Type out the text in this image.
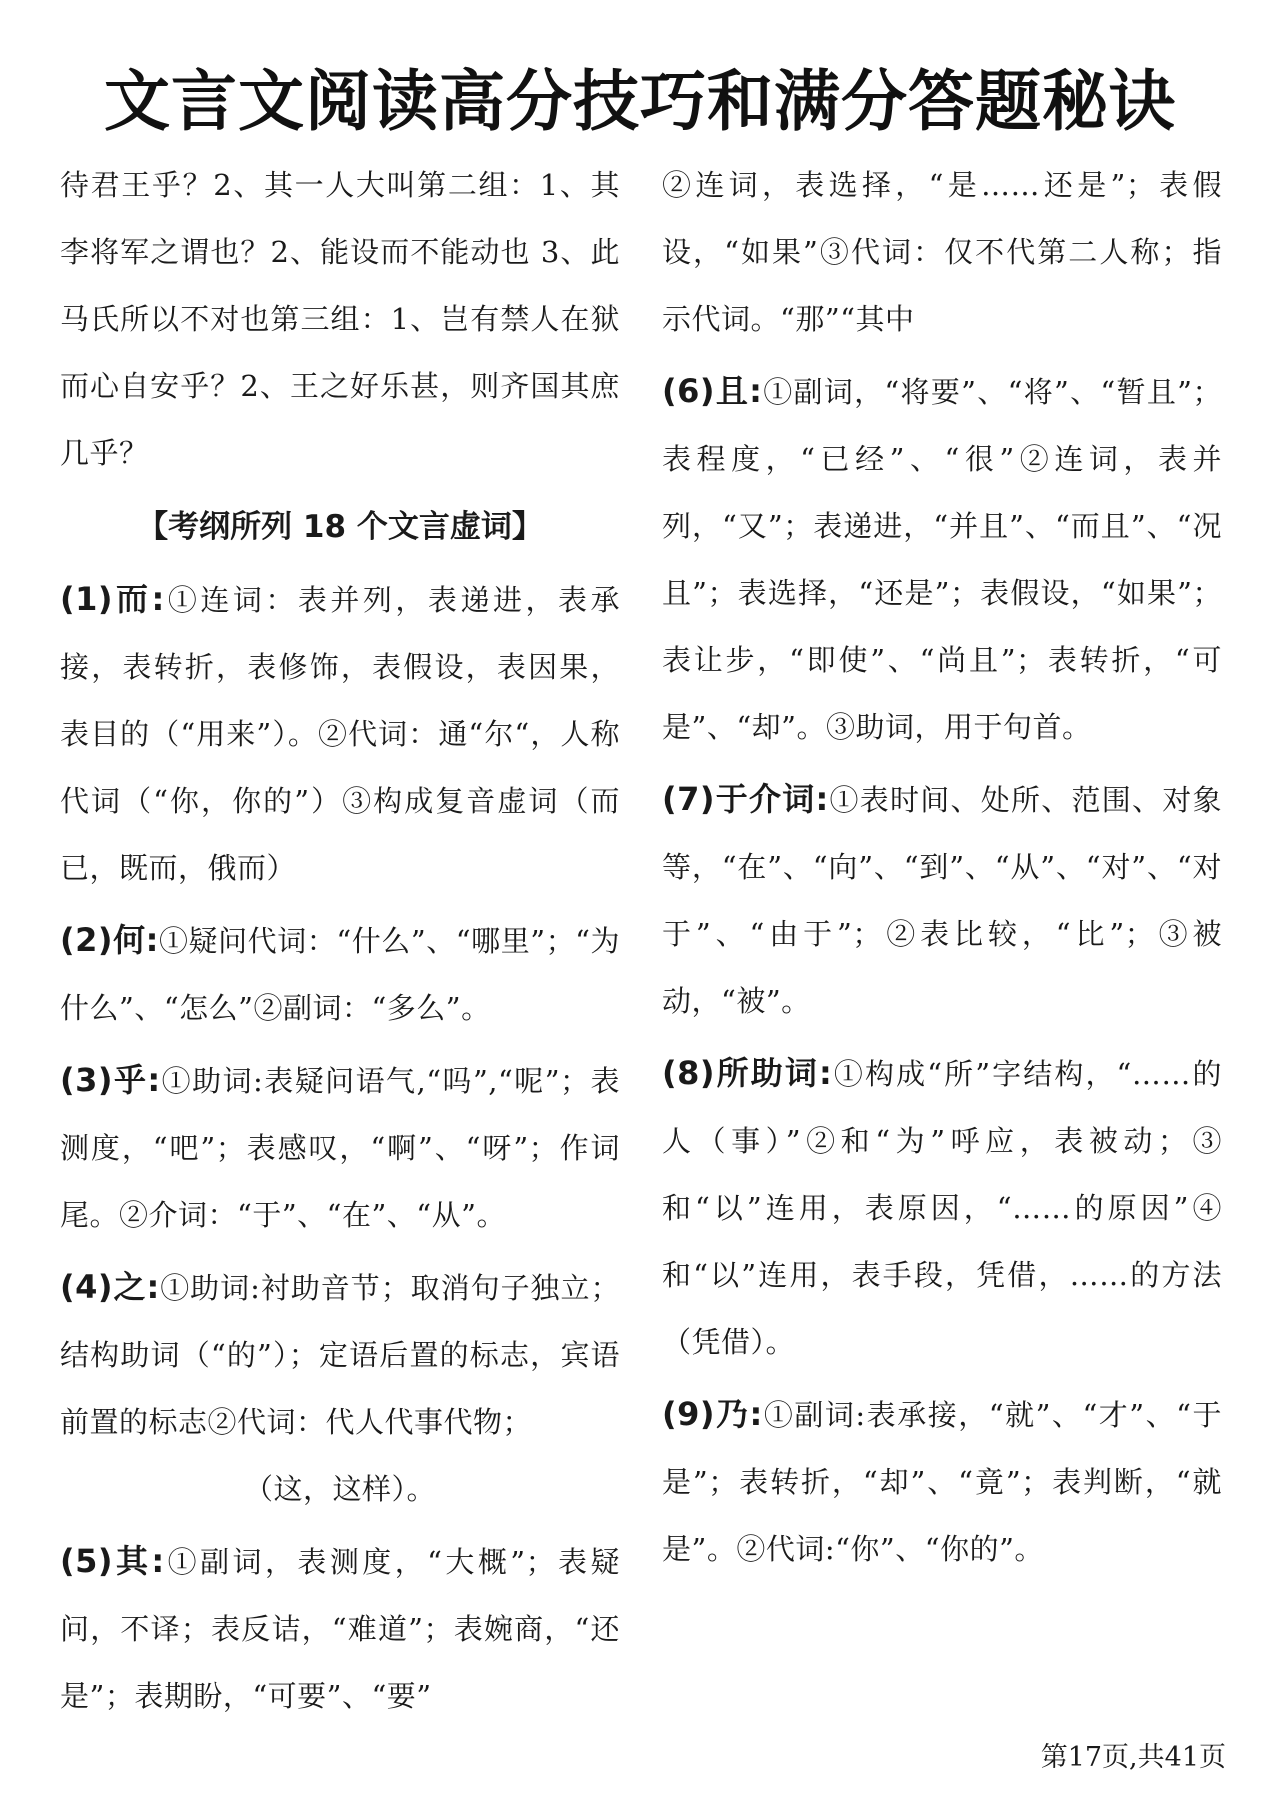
文言文阅读高分技巧和满分答题秘诀
待君王乎？2、其一人大叫第二组：1、其李将军之谓也？2、能设而不能动也 3、此马氏所以不对也第三组：1、岂有禁人在狱而心自安乎？2、王之好乐甚，则齐国其庶几乎？
【考纲所列 18 个文言虚词】
(1)而:①连词：表并列，表递进，表承接，表转折，表修饰，表假设，表因果，表目的（“用来”）。②代词：通“尔“，人称代词（“你，你的”）③构成复音虚词（而已，既而，俄而）
(2)何:①疑问代词：“什么”、“哪里”；“为什么”、“怎么”②副词：“多么”。
(3)乎:①助词:表疑问语气,“吗”,“呢”；表测度，“吧”；表感叹，“啊”、“呀”；作词尾。②介词：“于”、“在”、“从”。
(4)之:①助词:衬助音节；取消句子独立；结构助词（“的”）；定语后置的标志，宾语前置的标志②代词：代人代事代物；
（这，这样）。
(5)其:①副词，表测度，“大概”；表疑问，不译；表反诘，“难道”；表婉商，“还是”；表期盼，“可要”、“要”
②连词，表选择，“是……还是”；表假设，“如果”③代词：仅不代第二人称；指示代词。“那”“其中
(6)且:①副词，“将要”、“将”、“暂且”；表程度，“已经”、“很”②连词，表并列，“又”；表递进，“并且”、“而且”、“况且”；表选择，“还是”；表假设，“如果”；表让步，“即使”、“尚且”；表转折，“可是”、“却”。③助词，用于句首。
(7)于介词:①表时间、处所、范围、对象等，“在”、“向”、“到”、“从”、“对”、“对于”、“由于”；②表比较，“比”；③被动，“被”。
(8)所助词:①构成“所”字结构，“……的人（事）”②和“为”呼应，表被动；③和“以”连用，表原因，“……的原因”④和“以”连用，表手段，凭借，……的方法（凭借）。
(9)乃:①副词:表承接，“就”、“才”、“于是”；表转折，“却”、“竟”；表判断，“就是”。②代词:“你”、“你的”。
第17页,共41页
